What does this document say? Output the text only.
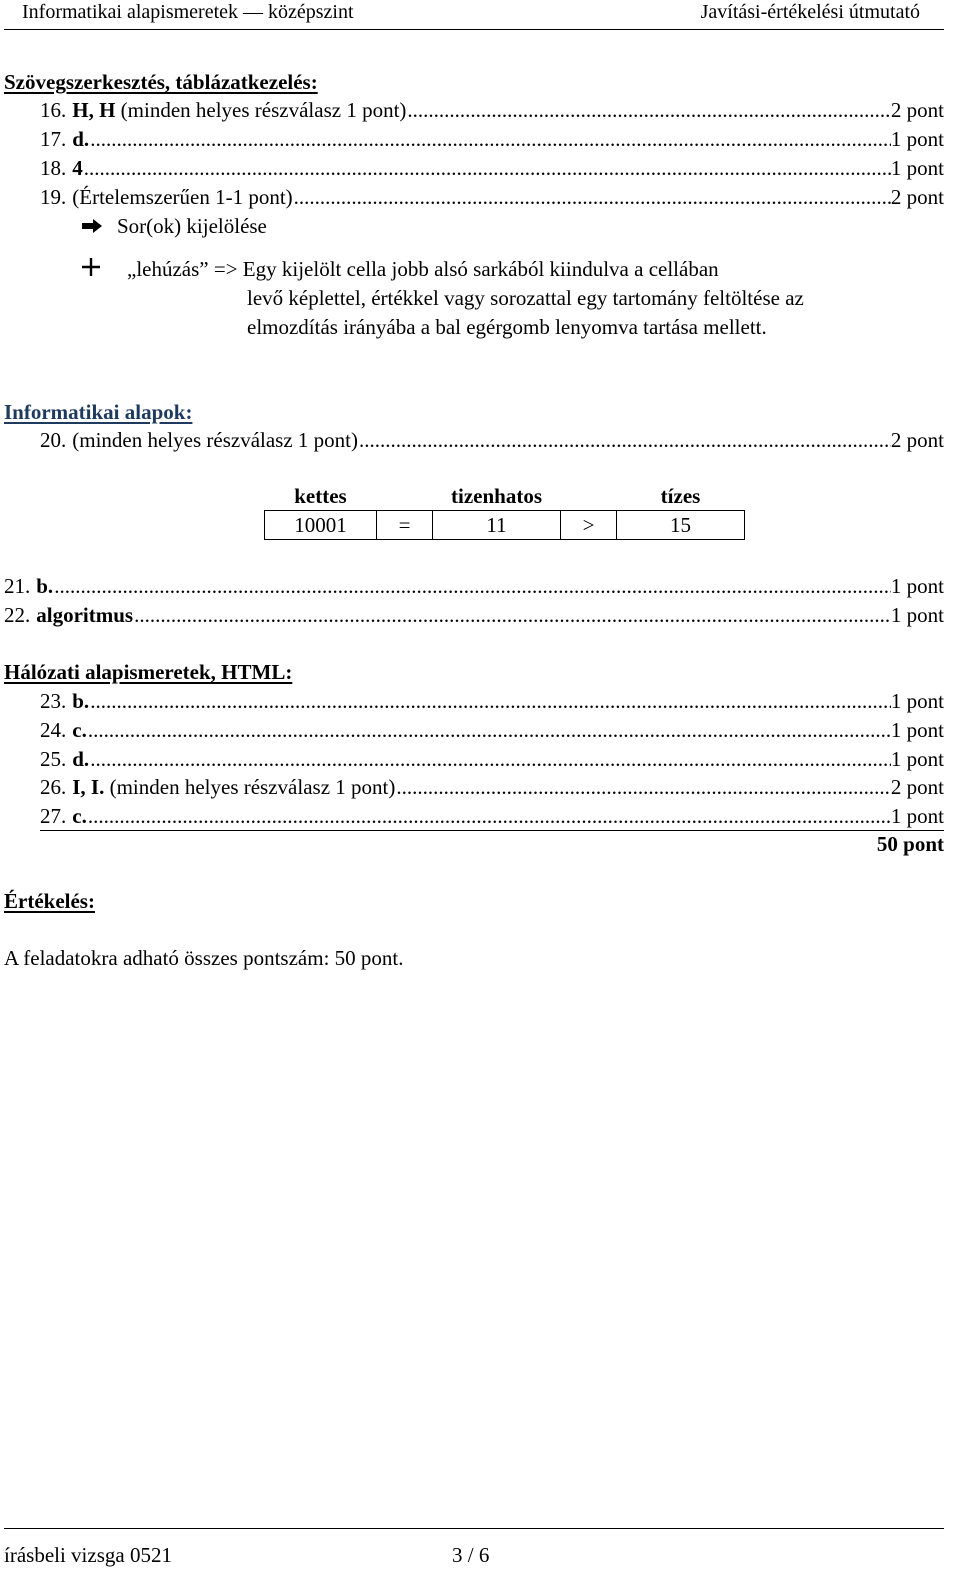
Informatikai alapismeretek — középszint	Javítási-értékelési útmutató
Szövegszerkesztés, táblázatkezelés:
16. H, H (minden helyes részválasz 1 pont) .....	2 pont
17. d. .....	1 pont
18. 4 .....	1 pont
19. (Értelemszerűen 1-1 pont) .....	2 pont
Sor(ok) kijelölése
„lehúzás” => Egy kijelölt cella jobb alsó sarkából kiindulva a cellában
levő képlettel, értékkel vagy sorozattal egy tartomány feltöltése az elmozdítás irányába a bal egérgomb lenyomva tartása mellett.
Informatikai alapok:
20. (minden helyes részválasz 1 pont) .....	2 pont
kettes		tizenhatos		tízes
10001	=	11	>	15
21. b. .....	1 pont
22. algoritmus .....	1 pont
Hálózati alapismeretek, HTML:
23. b. .....	1 pont
24. c. .....	1 pont
25. d. .....	1 pont
26. I, I. (minden helyes részválasz 1 pont) .....	2 pont
27. c. .....	1 pont
50 pont
Értékelés:
A feladatokra adható összes pontszám: 50 pont.
írásbeli vizsga 0521	3 / 6
